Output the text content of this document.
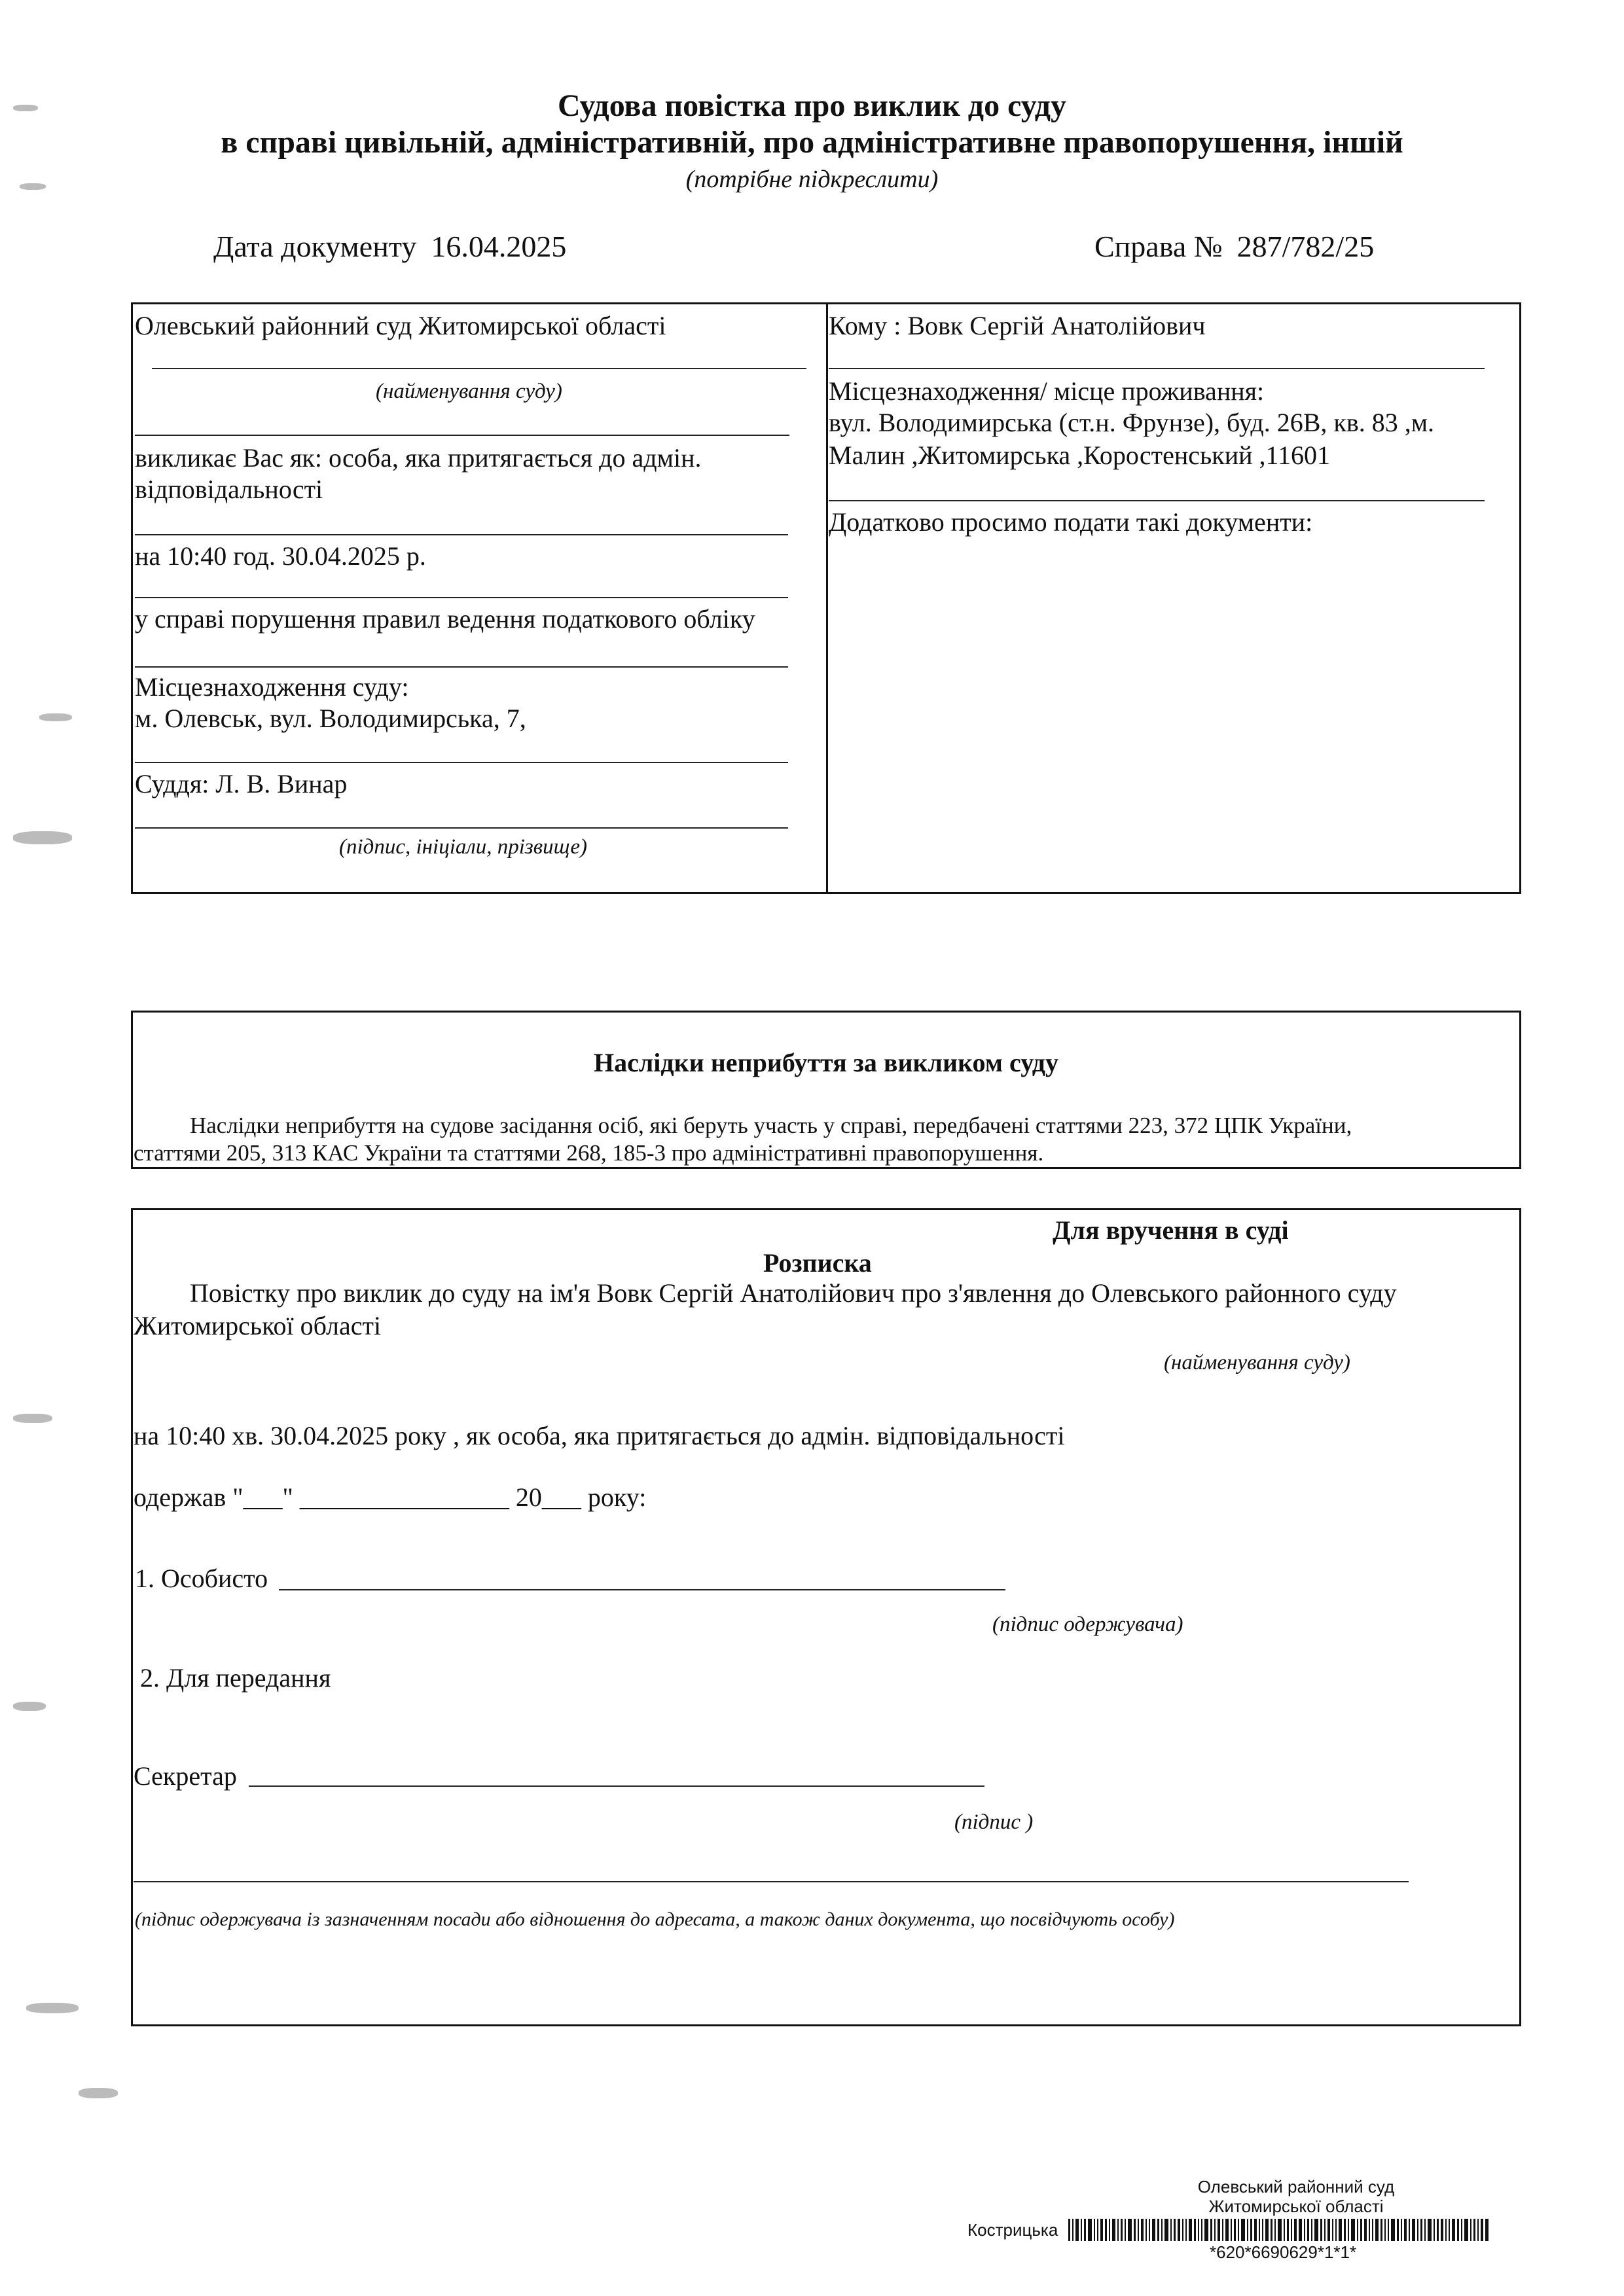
Судова повістка про виклик до суду
в справі цивільній, адміністративній, про адміністративне правопорушення, іншій
(потрібне підкреслити)
Дата документу 16.04.2025	Справа № 287/782/25
Олевський районний суд Житомирської області
(найменування суду)
викликає Вас як: особа, яка притягається до адмін.
відповідальності
на 10:40 год. 30.04.2025 р.
у справі порушення правил ведення податкового обліку
Місцезнаходження суду:
м. Олевськ, вул. Володимирська, 7,
Суддя: Л. В. Винар
(підпис, ініціали, прізвище)
Кому : Вовк Сергій Анатолійович
Місцезнаходження/ місце проживання:
вул. Володимирська (ст.н. Фрунзе), буд. 26В, кв. 83 ,м.
Малин ,Житомирська ,Коростенський ,11601
Додатково просимо подати такі документи:
Наслідки неприбуття за викликом суду
Наслідки неприбуття на судове засідання осіб, які беруть участь у справі, передбачені статтями 223, 372 ЦПК України,
статтями 205, 313 КАС України та статтями 268, 185-3 про адміністративні правопорушення.
Для вручення в суді
Розписка
Повістку про виклик до суду на ім'я Вовк Сергій Анатолійович про з'явлення до Олевського районного суду
Житомирської області
(найменування суду)
на 10:40 хв. 30.04.2025 року , як особа, яка притягається до адмін. відповідальності
одержав "___" ________________ 20___ року:
1. Особисто
(підпис одержувача)
2. Для передання
Секретар
(підпис )
(підпис одержувача із зазначенням посади або відношення до адресата, а також даних документа, що посвідчують особу)
Олевський районний суд
Житомирської області
Кострицька
*620*6690629*1*1*
